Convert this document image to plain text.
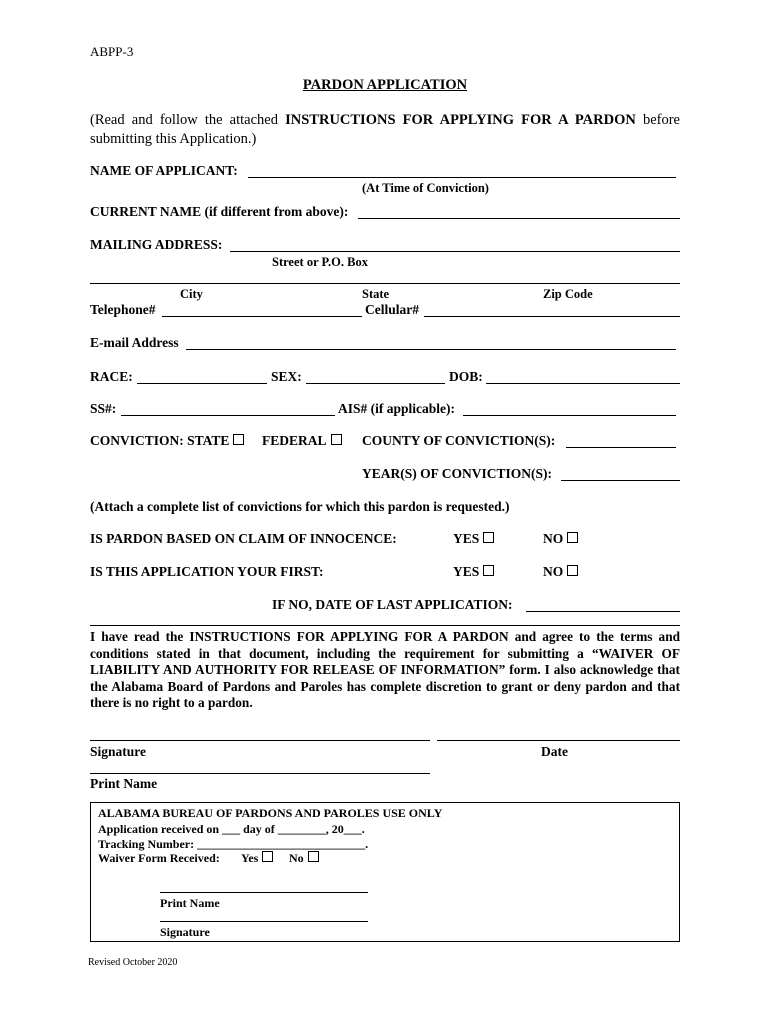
ABPP-3
PARDON APPLICATION
(Read and follow the attached INSTRUCTIONS FOR APPLYING FOR A PARDON before submitting this Application.)
NAME OF APPLICANT:
(At Time of Conviction)
CURRENT NAME (if different from above):
MAILING ADDRESS:
Street or P.O. Box
City	State	Zip Code
Telephone#	Cellular#
E-mail Address
RACE:	SEX:	DOB:
SS#:	AIS# (if applicable):
CONVICTION: STATE	FEDERAL	COUNTY OF CONVICTION(S):
YEAR(S) OF CONVICTION(S):
(Attach a complete list of convictions for which this pardon is requested.)
IS PARDON BASED ON CLAIM OF INNOCENCE:	YES	NO
IS THIS APPLICATION YOUR FIRST:	YES	NO
IF NO, DATE OF LAST APPLICATION:
I have read the INSTRUCTIONS FOR APPLYING FOR A PARDON and agree to the terms and conditions stated in that document, including the requirement for submitting a “WAIVER OF LIABILITY AND AUTHORITY FOR RELEASE OF INFORMATION” form. I also acknowledge that the Alabama Board of Pardons and Paroles has complete discretion to grant or deny pardon and that there is no right to a pardon.
Signature	Date
Print Name
ALABAMA BUREAU OF PARDONS AND PAROLES USE ONLY
Application received on ___ day of ________, 20___.
Tracking Number: ____________________________.
Waiver Form Received: Yes	No
Print Name
Signature
Revised October 2020
